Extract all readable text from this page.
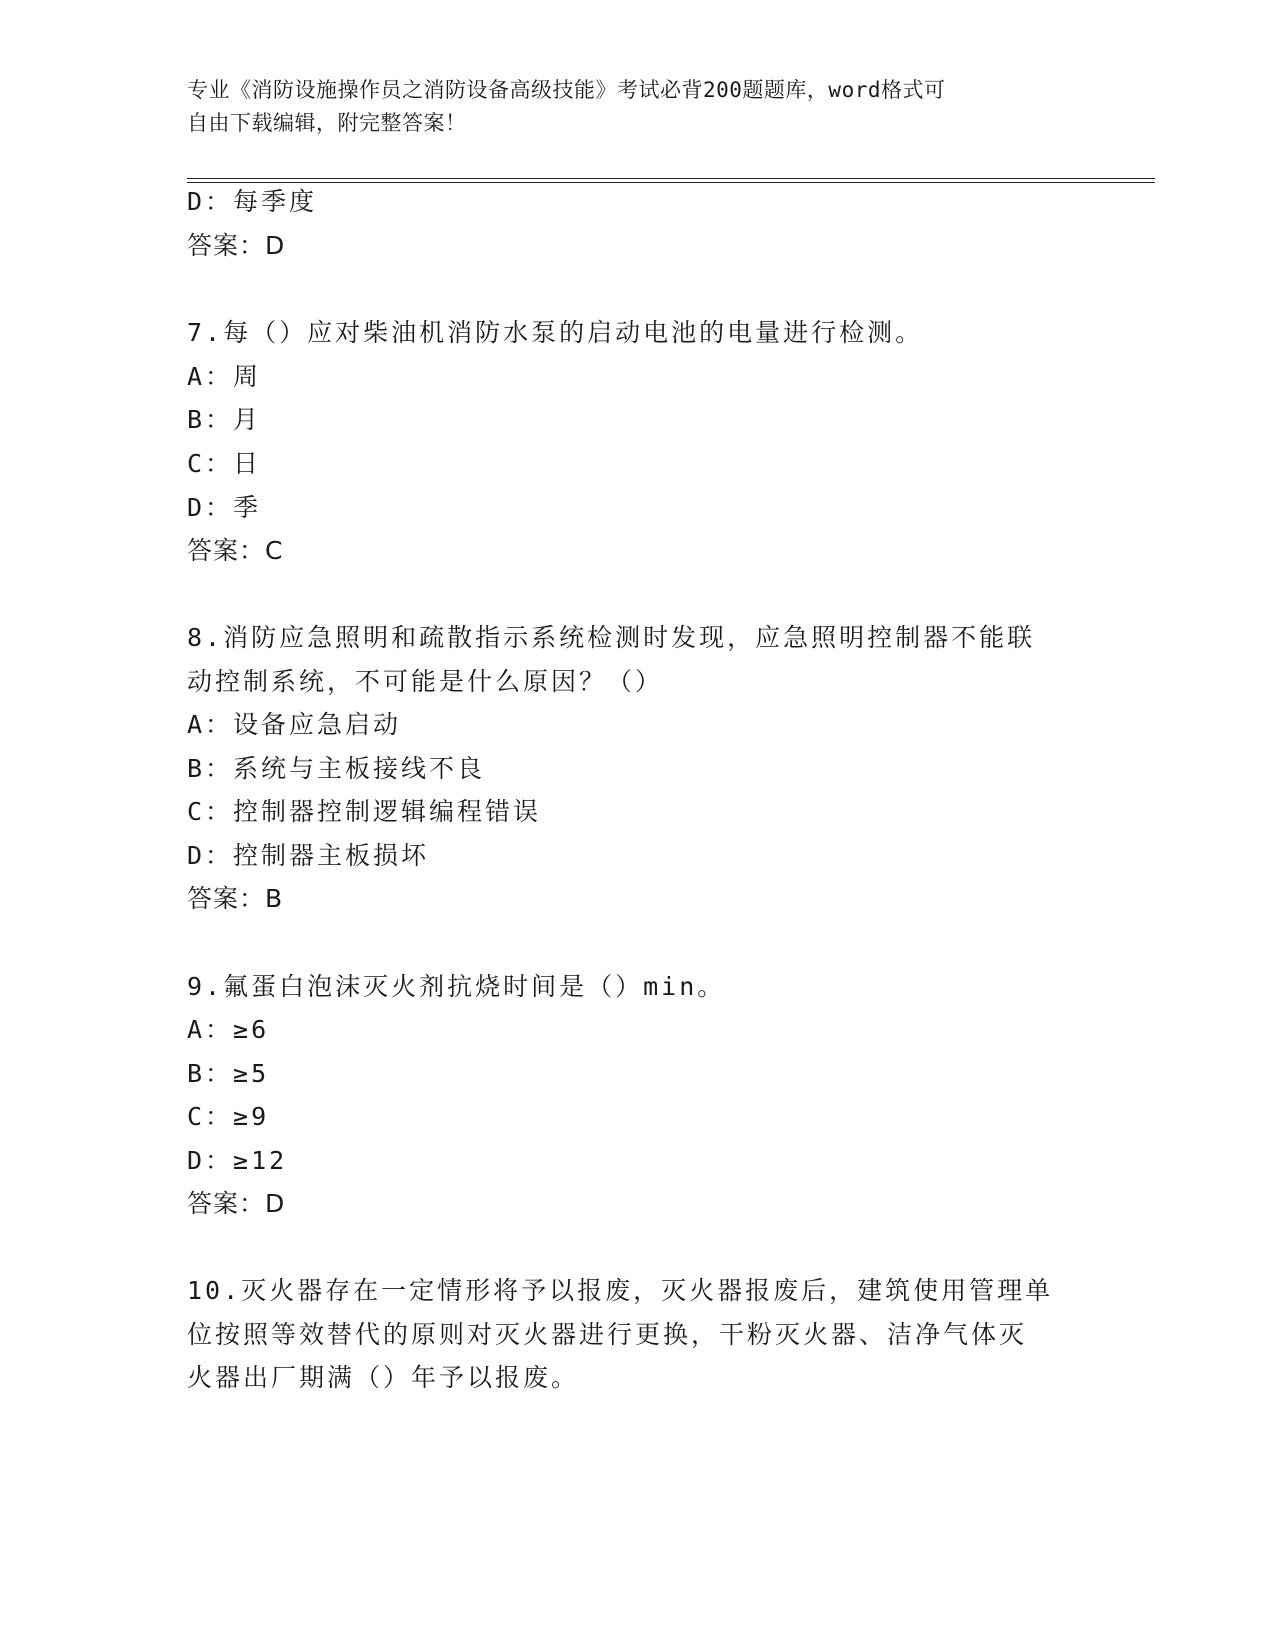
专业《消防设施操作员之消防设备高级技能》考试必背200题题库，word格式可
自由下载编辑，附完整答案！
D：每季度
答案：D
7.每（）应对柴油机消防水泵的启动电池的电量进行检测。
A：周
B：月
C：日
D：季
答案：C
8.消防应急照明和疏散指示系统检测时发现，应急照明控制器不能联
动控制系统，不可能是什么原因？（）
A：设备应急启动
B：系统与主板接线不良
C：控制器控制逻辑编程错误
D：控制器主板损坏
答案：B
9.氟蛋白泡沫灭火剂抗烧时间是（）min。
A：≥6
B：≥5
C：≥9
D：≥12
答案：D
10.灭火器存在一定情形将予以报废，灭火器报废后，建筑使用管理单
位按照等效替代的原则对灭火器进行更换，干粉灭火器、洁净气体灭
火器出厂期满（）年予以报废。
